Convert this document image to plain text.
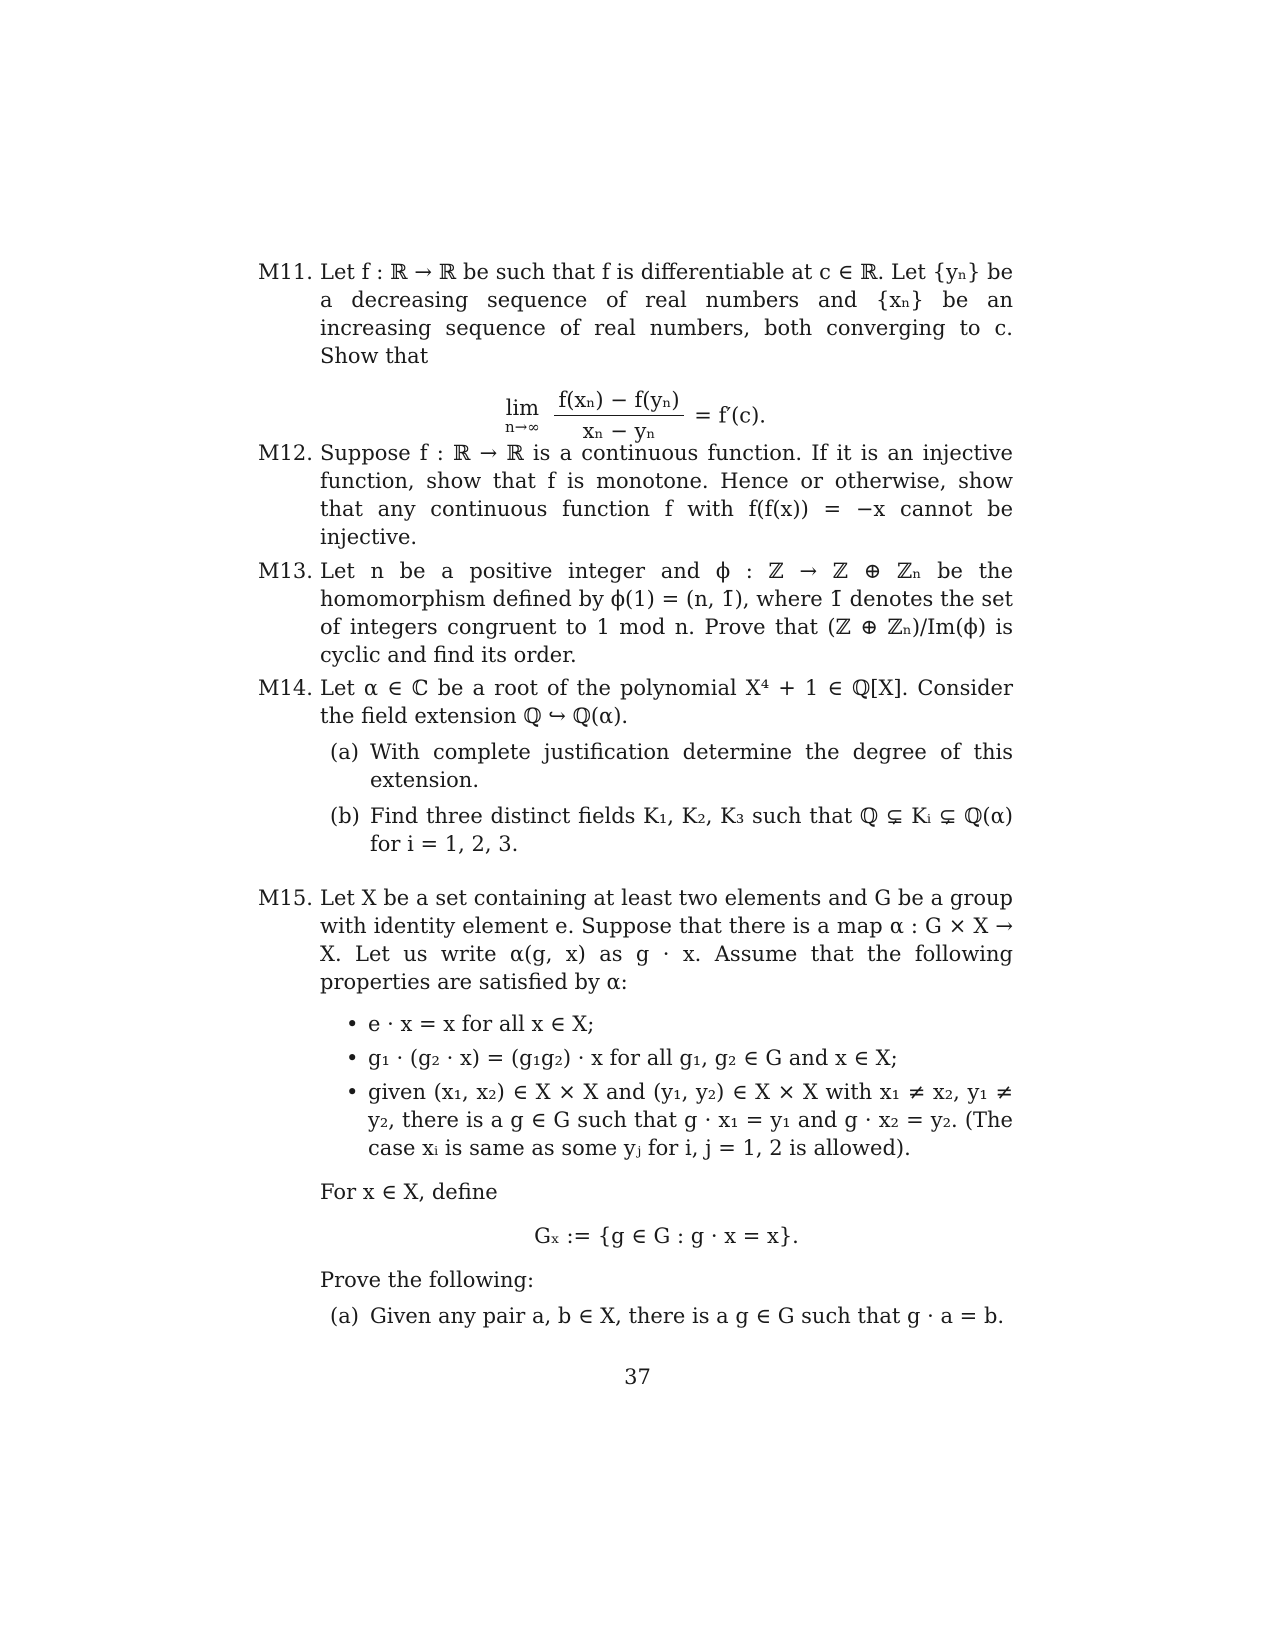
M11. Let f : ℝ → ℝ be such that f is differentiable at c ∈ ℝ. Let {yₙ} be a decreasing sequence of real numbers and {xₙ} be an increasing sequence of real numbers, both converging to c. Show that
lim
n→∞
$\frac{\text{f(xₙ) − f(yₙ)}}{\text{xₙ − yₙ}} = f'(c)$.
M12. Suppose f : ℝ → ℝ is a continuous function. If it is an injective function, show that f is monotone. Hence or otherwise, show that any continuous function f with f(f(x)) = −x cannot be injective.
M13. Let n be a positive integer and ϕ : ℤ → ℤ ⊕ ℤₙ be the homomorphism defined by ϕ(1) = (n, 1̄), where 1̄ denotes the set of integers congruent to 1 mod n. Prove that (ℤ ⊕ ℤₙ)/Im(ϕ) is cyclic and find its order.
M14. Let α ∈ ℂ be a root of the polynomial X⁴ + 1 ∈ ℚ[X]. Consider the field extension ℚ ↪ ℚ(α).
(a) With complete justification determine the degree of this extension.
(b) Find three distinct fields K₁, K₂, K₃ such that ℚ ⊊ Kᵢ ⊊ ℚ(α) for i = 1, 2, 3.
M15. Let X be a set containing at least two elements and G be a group with identity element e. Suppose that there is a map α : G × X → X. Let us write α(g, x) as g · x. Assume that the following properties are satisfied by α:
• e · x = x for all x ∈ X;
• g₁ · (g₂ · x) = (g₁g₂) · x for all g₁, g₂ ∈ G and x ∈ X;
• given (x₁, x₂) ∈ X × X and (y₁, y₂) ∈ X × X with x₁ ≠ x₂, y₁ ≠ y₂, there is a g ∈ G such that g · x₁ = y₁ and g · x₂ = y₂. (The case xᵢ is same as some yⱼ for i, j = 1, 2 is allowed).
For x ∈ X, define
Gₓ := {g ∈ G : g · x = x}.
Prove the following:
(a) Given any pair a, b ∈ X, there is a g ∈ G such that g · a = b.
37
